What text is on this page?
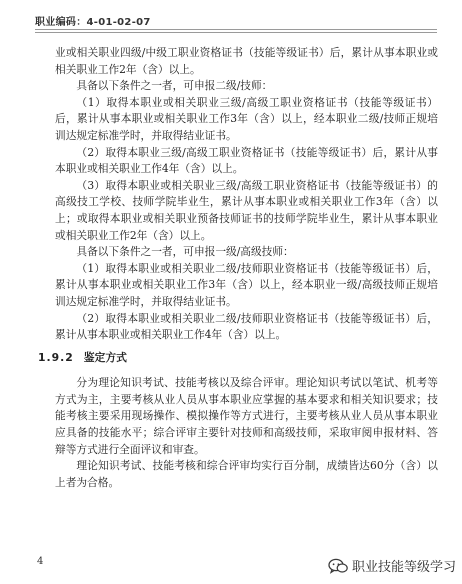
职业编码：4-01-02-07

业或相关职业四级/中级工职业资格证书（技能等级证书）后，累计从事本职业或相关职业工作2年（含）以上。

具备以下条件之一者，可申报二级/技师：

（1）取得本职业或相关职业三级/高级工职业资格证书（技能等级证书）后，累计从事本职业或相关职业工作3年（含）以上，经本职业二级/技师正规培训达规定标准学时，并取得结业证书。

（2）取得本职业三级/高级工职业资格证书（技能等级证书）后，累计从事本职业或相关职业工作4年（含）以上。

（3）取得本职业或相关职业三级/高级工职业资格证书（技能等级证书）的高级技工学校、技师学院毕业生，累计从事本职业或相关职业工作3年（含）以上；或取得本职业或相关职业预备技师证书的技师学院毕业生，累计从事本职业或相关职业工作2年（含）以上。

具备以下条件之一者，可申报一级/高级技师：

（1）取得本职业或相关职业二级/技师职业资格证书（技能等级证书）后，累计从事本职业或相关职业工作3年（含）以上，经本职业一级/高级技师正规培训达规定标准学时，并取得结业证书。

（2）取得本职业或相关职业二级/技师职业资格证书（技能等级证书）后，累计从事本职业或相关职业工作4年（含）以上。

1.9.2 鉴定方式

分为理论知识考试、技能考核以及综合评审。理论知识考试以笔试、机考等方式为主，主要考核从业人员从事本职业应掌握的基本要求和相关知识要求；技能考核主要采用现场操作、模拟操作等方式进行，主要考核从业人员从事本职业应具备的技能水平；综合评审主要针对技师和高级技师，采取审阅申报材料、答辩等方式进行全面评议和审查。

理论知识考试、技能考核和综合评审均实行百分制，成绩皆达60分（含）以上者为合格。

4	职业技能等级学习
